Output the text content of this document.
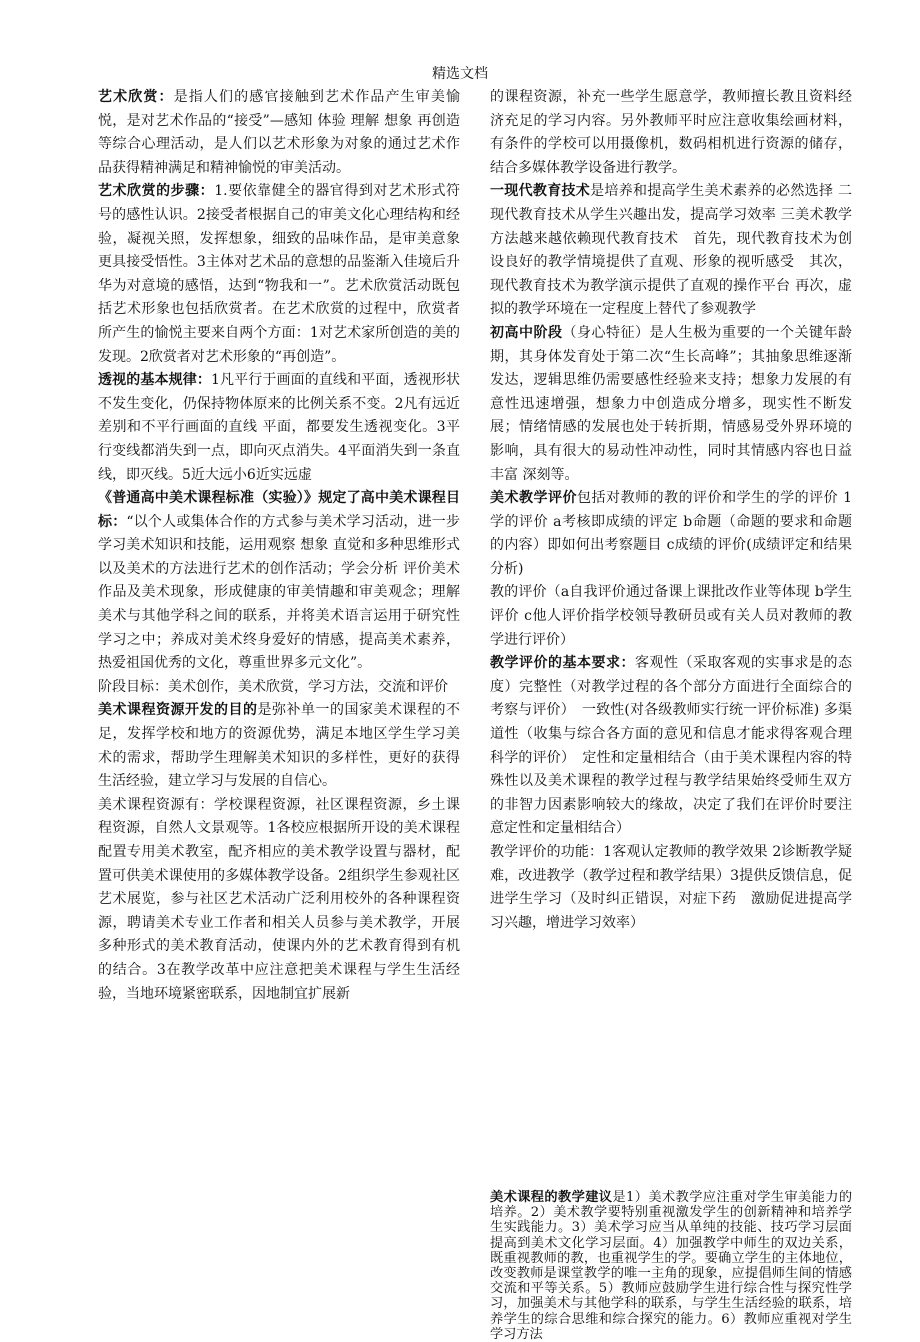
精选文档

艺术欣赏：是指人们的感官接触到艺术作品产生审美愉悦，是对艺术作品的“接受”—感知 体验 理解 想象 再创造等综合心理活动，是人们以艺术形象为对象的通过艺术作品获得精神满足和精神愉悦的审美活动。

艺术欣赏的步骤：1.要依靠健全的器官得到对艺术形式符号的感性认识。2接受者根据自己的审美文化心理结构和经验，凝视关照，发挥想象，细致的品味作品，是审美意象更具接受悟性。3主体对艺术品的意想的品鉴渐入佳境后升华为对意境的感悟，达到“物我和一”。艺术欣赏活动既包括艺术形象也包括欣赏者。在艺术欣赏的过程中，欣赏者所产生的愉悦主要来自两个方面：1对艺术家所创造的美的发现。2欣赏者对艺术形象的“再创造”。

透视的基本规律：1凡平行于画面的直线和平面，透视形状不发生变化，仍保持物体原来的比例关系不变。2凡有远近差别和不平行画面的直线 平面，都要发生透视变化。3平行变线都消失到一点，即向灭点消失。4平面消失到一条直线，即灭线。5近大远小6近实远虚

《普通高中美术课程标准（实验）》规定了高中美术课程目标：“以个人或集体合作的方式参与美术学习活动，进一步学习美术知识和技能，运用观察 想象 直觉和多种思维形式以及美术的方法进行艺术的创作活动；学会分析 评价美术作品及美术现象，形成健康的审美情趣和审美观念；理解美术与其他学科之间的联系，并将美术语言运用于研究性学习之中；养成对美术终身爱好的情感，提高美术素养，热爱祖国优秀的文化，尊重世界多元文化”。

阶段目标：美术创作，美术欣赏，学习方法，交流和评价

美术课程资源开发的目的是弥补单一的国家美术课程的不足，发挥学校和地方的资源优势，满足本地区学生学习美术的需求，帮助学生理解美术知识的多样性，更好的获得生活经验，建立学习与发展的自信心。

美术课程资源有：学校课程资源，社区课程资源，乡土课程资源，自然人文景观等。1各校应根据所开设的美术课程配置专用美术教室，配齐相应的美术教学设置与器材，配置可供美术课使用的多媒体教学设备。2组织学生参观社区艺术展览，参与社区艺术活动广泛利用校外的各种课程资源，聘请美术专业工作者和相关人员参与美术教学，开展多种形式的美术教育活动，使课内外的艺术教育得到有机的结合。3在教学改革中应注意把美术课程与学生生活经验，当地环境紧密联系，因地制宜扩展新

的课程资源，补充一些学生愿意学，教师擅长教且资料经济充足的学习内容。另外教师平时应注意收集绘画材料，有条件的学校可以用摄像机，数码相机进行资源的储存，结合多媒体教学设备进行教学。

一现代教育技术是培养和提高学生美术素养的必然选择 二现代教育技术从学生兴趣出发，提高学习效率 三美术教学方法越来越依赖现代教育技术　首先，现代教育技术为创设良好的教学情境提供了直观、形象的视听感受　其次，现代教育技术为教学演示提供了直观的操作平台 再次，虚拟的教学环境在一定程度上替代了参观教学

初高中阶段（身心特征）是人生极为重要的一个关键年龄期，其身体发育处于第二次“生长高峰”；其抽象思维逐渐发达，逻辑思维仍需要感性经验来支持；想象力发展的有意性迅速增强，想象力中创造成分增多，现实性不断发展；情绪情感的发展也处于转折期，情感易受外界环境的影响，具有很大的易动性冲动性，同时其情感内容也日益丰富 深刻等。

美术教学评价包括对教师的教的评价和学生的学的评价 1学的评价 a考核即成绩的评定 b命题（命题的要求和命题的内容）即如何出考察题目 c成绩的评价(成绩评定和结果分析)

教的评价（a自我评价通过备课上课批改作业等体现 b学生评价 c他人评价指学校领导教研员或有关人员对教师的教学进行评价）

教学评价的基本要求：客观性（采取客观的实事求是的态度）完整性（对教学过程的各个部分方面进行全面综合的考察与评价）　一致性(对各级教师实行统一评价标准) 多渠道性（收集与综合各方面的意见和信息才能求得客观合理科学的评价）　定性和定量相结合（由于美术课程内容的特殊性以及美术课程的教学过程与教学结果始终受师生双方的非智力因素影响较大的缘故，决定了我们在评价时要注意定性和定量相结合）

教学评价的功能：1客观认定教师的教学效果 2诊断教学疑难，改进教学（教学过程和教学结果）3提供反馈信息，促进学生学习（及时纠正错误，对症下药　激励促进提高学习兴趣，增进学习效率）

美术课程的教学建议是1）美术教学应注重对学生审美能力的培养。2）美术教学要特别重视激发学生的创新精神和培养学生实践能力。3）美术学习应当从单纯的技能、技巧学习层面提高到美术文化学习层面。4）加强教学中师生的双边关系，既重视教师的教，也重视学生的学。要确立学生的主体地位，改变教师是课堂教学的唯一主角的现象，应提倡师生间的情感交流和平等关系。5）教师应鼓励学生进行综合性与探究性学习，加强美术与其他学科的联系，与学生生活经验的联系，培养学生的综合思维和综合探究的能力。6）教师应重视对学生学习方法
